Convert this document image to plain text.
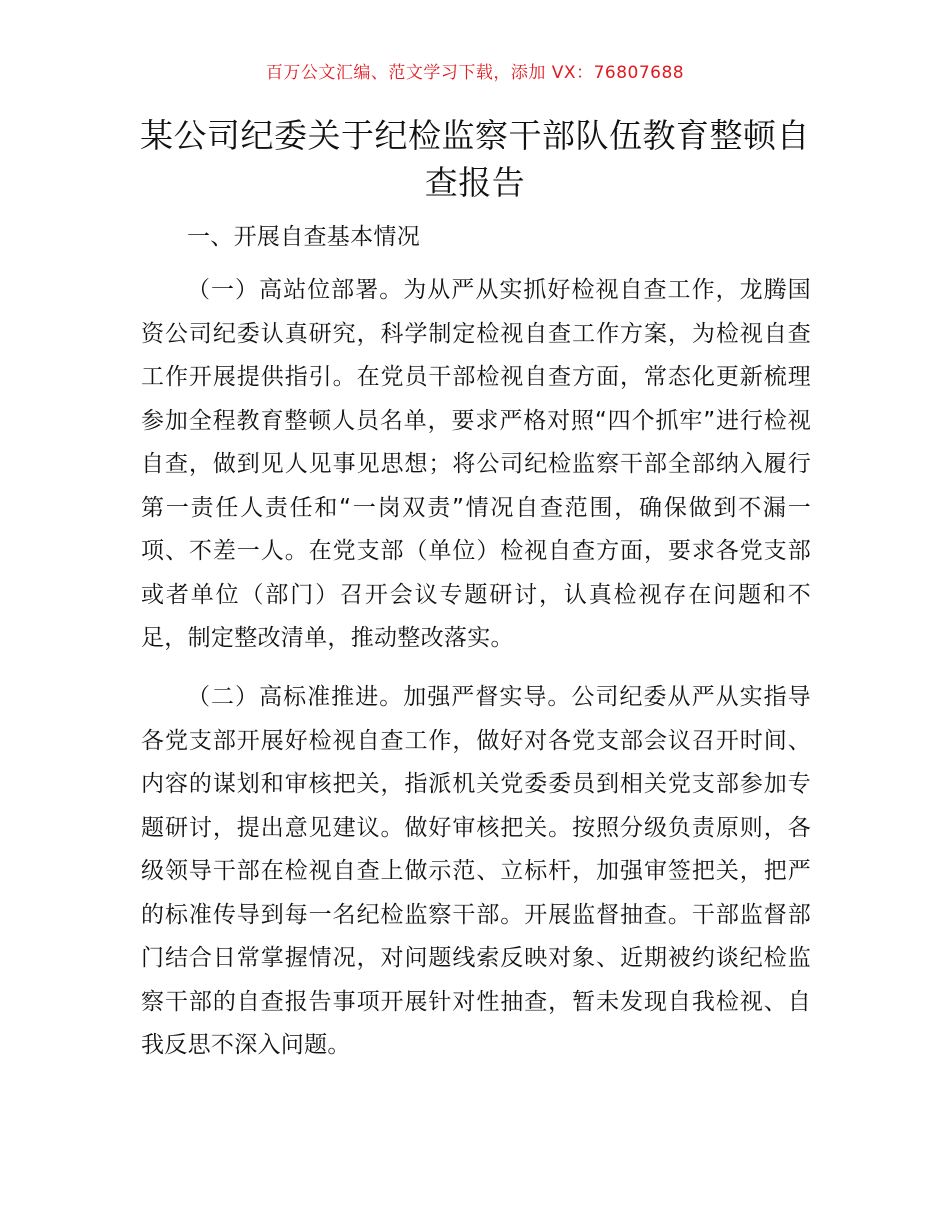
百万公文汇编、范文学习下载，添加 VX：76807688
某公司纪委关于纪检监察干部队伍教育整顿自查报告
一、开展自查基本情况

（一）高站位部署。为从严从实抓好检视自查工作，龙腾国资公司纪委认真研究，科学制定检视自查工作方案，为检视自查工作开展提供指引。在党员干部检视自查方面，常态化更新梳理参加全程教育整顿人员名单，要求严格对照“四个抓牢”进行检视自查，做到见人见事见思想；将公司纪检监察干部全部纳入履行第一责任人责任和“一岗双责”情况自查范围，确保做到不漏一项、不差一人。在党支部（单位）检视自查方面，要求各党支部或者单位（部门）召开会议专题研讨，认真检视存在问题和不足，制定整改清单，推动整改落实。

（二）高标准推进。加强严督实导。公司纪委从严从实指导各党支部开展好检视自查工作，做好对各党支部会议召开时间、内容的谋划和审核把关，指派机关党委委员到相关党支部参加专题研讨，提出意见建议。做好审核把关。按照分级负责原则，各级领导干部在检视自查上做示范、立标杆，加强审签把关，把严的标准传导到每一名纪检监察干部。开展监督抽查。干部监督部门结合日常掌握情况，对问题线索反映对象、近期被约谈纪检监察干部的自查报告事项开展针对性抽查，暂未发现自我检视、自我反思不深入问题。
